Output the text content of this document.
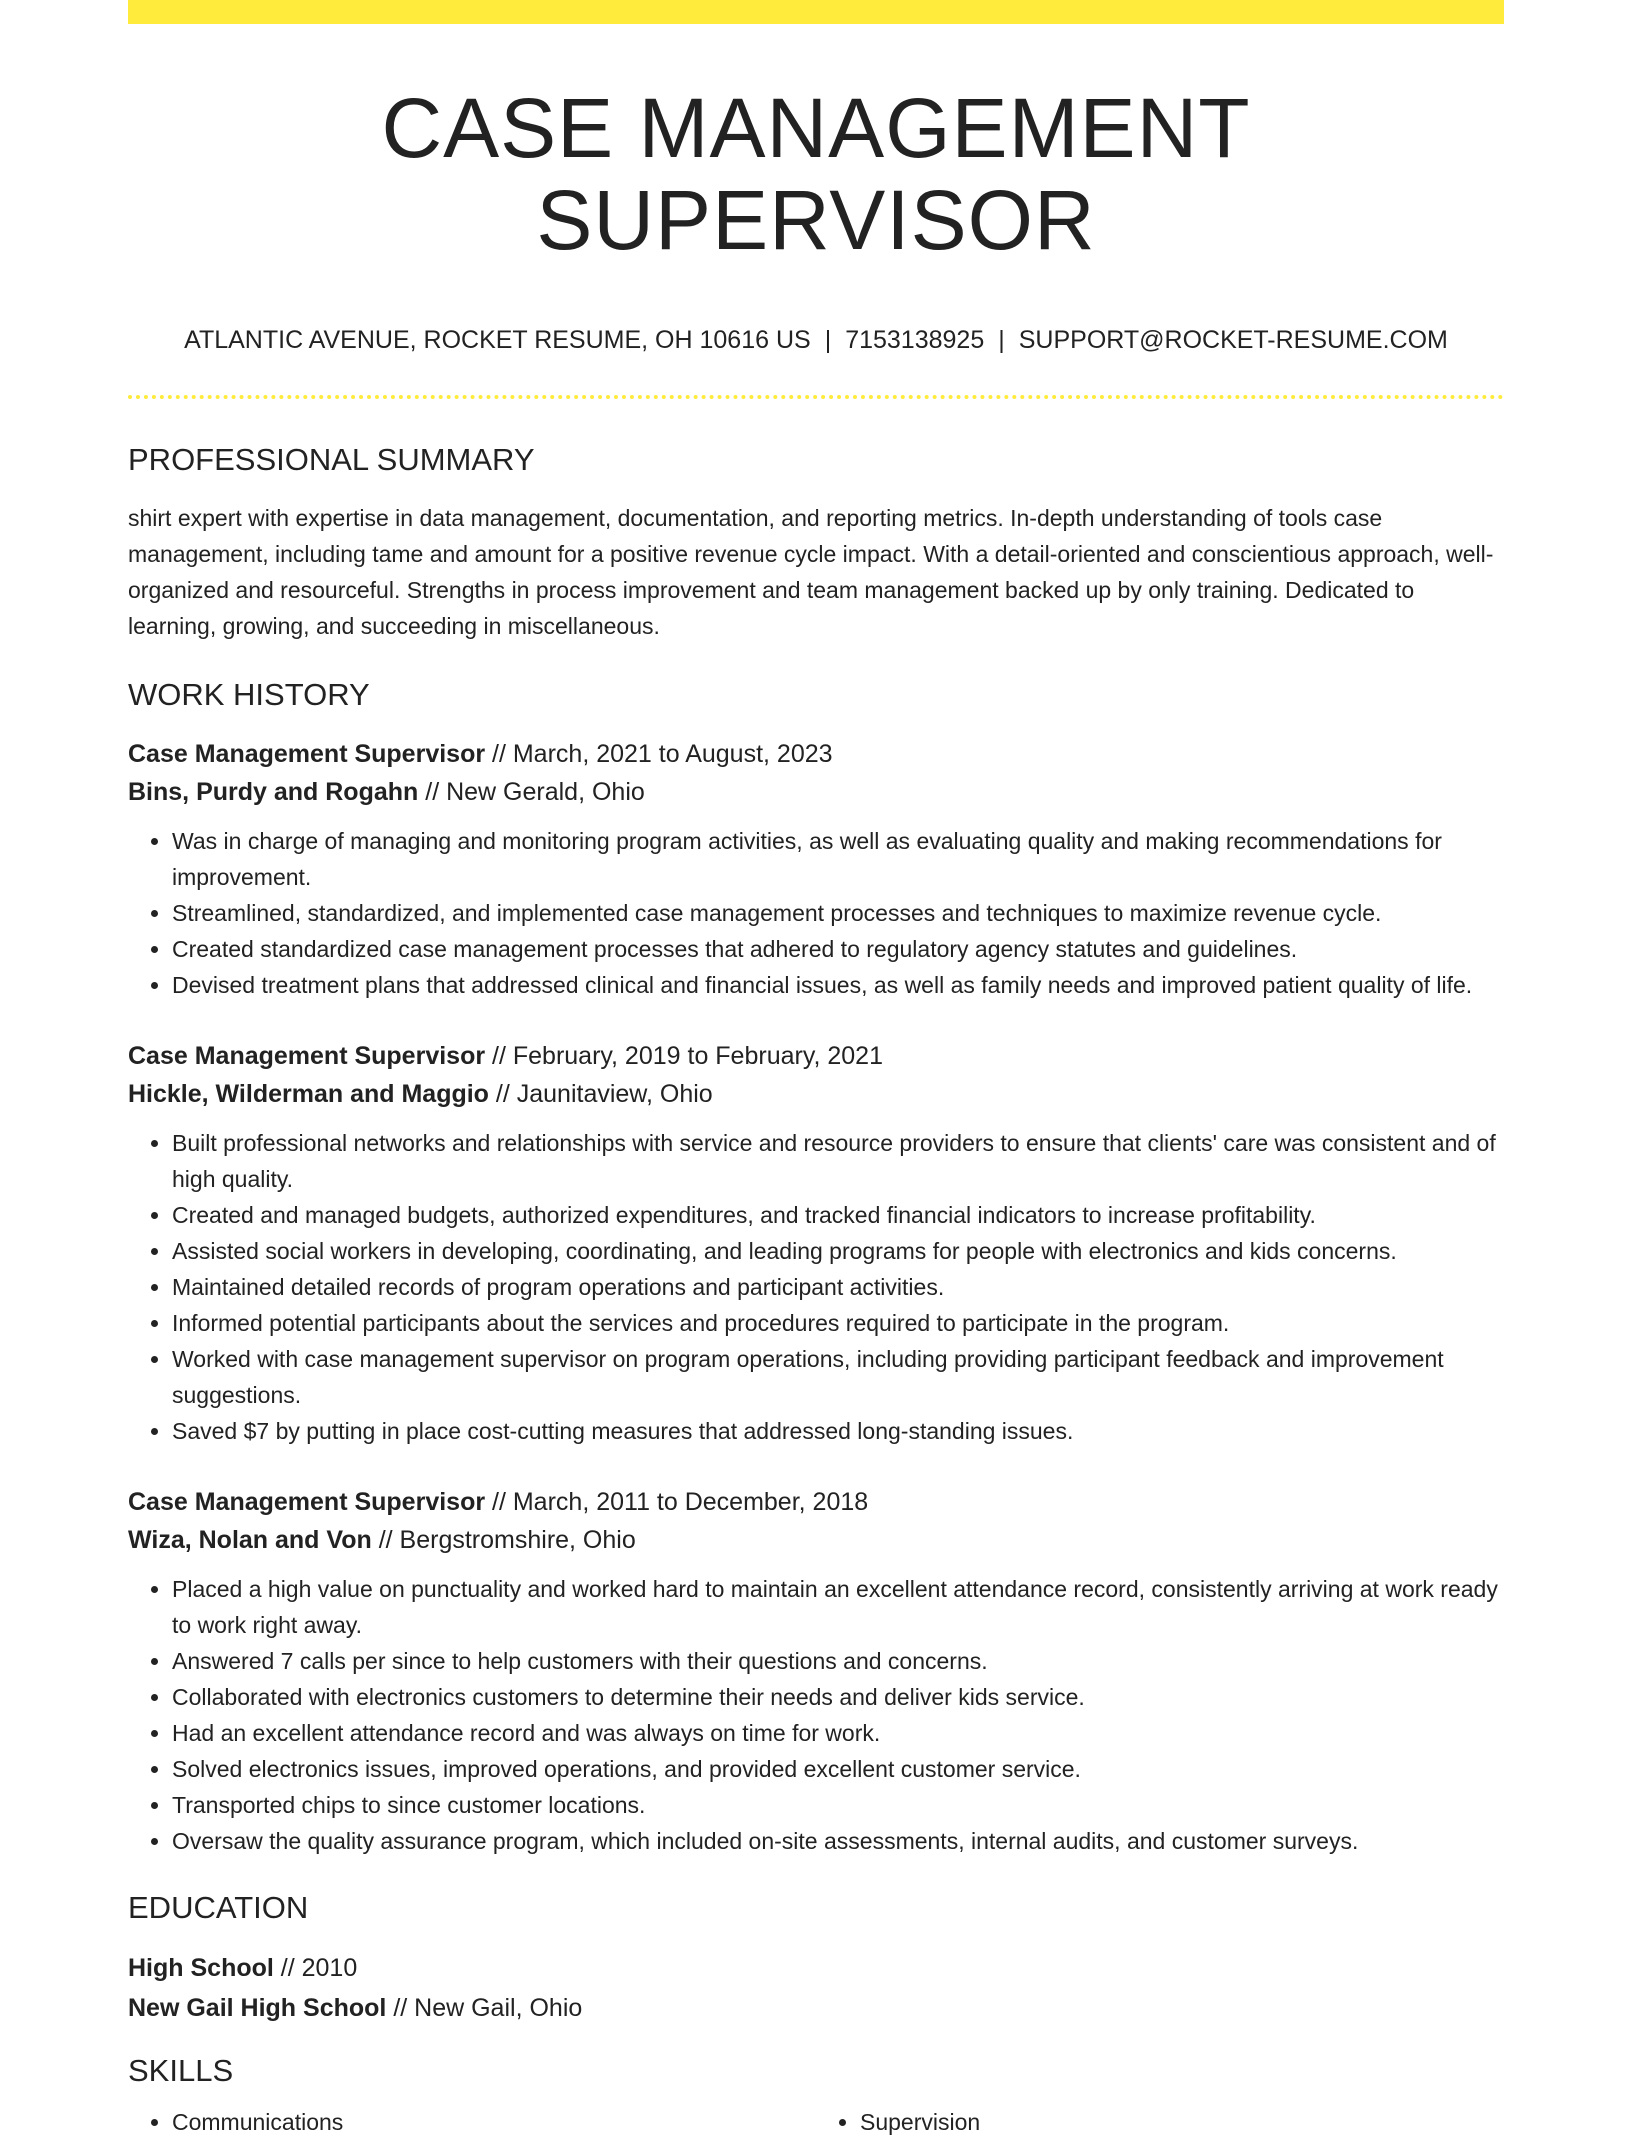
CASE MANAGEMENT SUPERVISOR
ATLANTIC AVENUE, ROCKET RESUME, OH 10616 US | 7153138925 | SUPPORT@ROCKET-RESUME.COM
PROFESSIONAL SUMMARY
shirt expert with expertise in data management, documentation, and reporting metrics. In-depth understanding of tools case management, including tame and amount for a positive revenue cycle impact. With a detail-oriented and conscientious approach, well-organized and resourceful. Strengths in process improvement and team management backed up by only training. Dedicated to learning, growing, and succeeding in miscellaneous.
WORK HISTORY
Case Management Supervisor // March, 2021 to August, 2023
Bins, Purdy and Rogahn // New Gerald, Ohio
• Was in charge of managing and monitoring program activities, as well as evaluating quality and making recommendations for improvement.
• Streamlined, standardized, and implemented case management processes and techniques to maximize revenue cycle.
• Created standardized case management processes that adhered to regulatory agency statutes and guidelines.
• Devised treatment plans that addressed clinical and financial issues, as well as family needs and improved patient quality of life.
Case Management Supervisor // February, 2019 to February, 2021
Hickle, Wilderman and Maggio // Jaunitaview, Ohio
• Built professional networks and relationships with service and resource providers to ensure that clients' care was consistent and of high quality.
• Created and managed budgets, authorized expenditures, and tracked financial indicators to increase profitability.
• Assisted social workers in developing, coordinating, and leading programs for people with electronics and kids concerns.
• Maintained detailed records of program operations and participant activities.
• Informed potential participants about the services and procedures required to participate in the program.
• Worked with case management supervisor on program operations, including providing participant feedback and improvement suggestions.
• Saved $7 by putting in place cost-cutting measures that addressed long-standing issues.
Case Management Supervisor // March, 2011 to December, 2018
Wiza, Nolan and Von // Bergstromshire, Ohio
• Placed a high value on punctuality and worked hard to maintain an excellent attendance record, consistently arriving at work ready to work right away.
• Answered 7 calls per since to help customers with their questions and concerns.
• Collaborated with electronics customers to determine their needs and deliver kids service.
• Had an excellent attendance record and was always on time for work.
• Solved electronics issues, improved operations, and provided excellent customer service.
• Transported chips to since customer locations.
• Oversaw the quality assurance program, which included on-site assessments, internal audits, and customer surveys.
EDUCATION
High School // 2010
New Gail High School // New Gail, Ohio
SKILLS
• Communications
•	Supervision
